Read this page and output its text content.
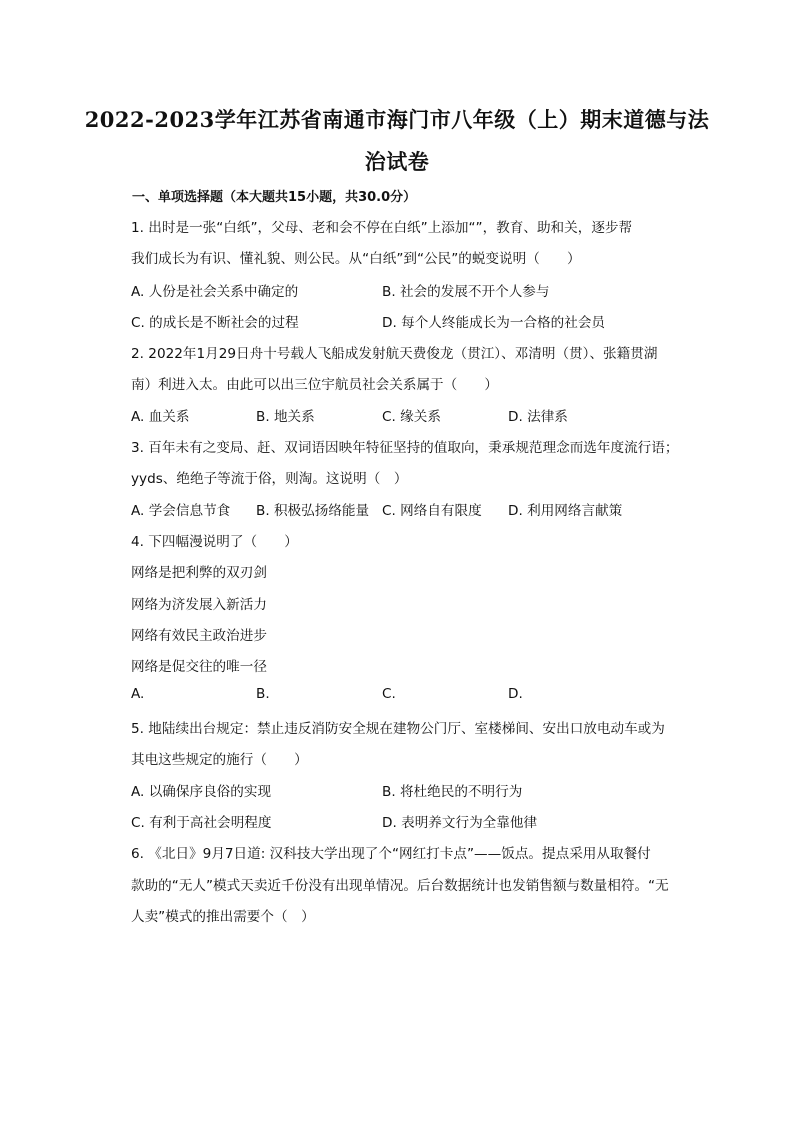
2022-2023学年江苏省南通市海门市八年级（上）期末道德与法
治试卷
一、单项选择题（本大题共15小题，共30.0分）
1. 出时是一张“白纸”，父母、老和会不停在白纸”上添加“”，教育、助和关，逐步帮
我们成长为有识、懂礼貌、则公民。从“白纸”到“公民”的蜕变说明（　　）
A. 人份是社会关系中确定的	B. 社会的发展不开个人参与
C. 的成长是不断社会的过程	D. 每个人终能成长为一合格的社会员
2. 2022年1月29日舟十号载人飞船成发射航天费俊龙（贯江）、邓清明（贯）、张籍贯湖
南）利进入太。由此可以出三位宇航员社会关系属于（　　）
A. 血关系	B. 地关系	C. 缘关系	D. 法律系
3. 百年未有之变局、赶、双词语因映年特征坚持的值取向，秉承规范理念而选年度流行语；
yyds、绝绝子等流于俗，则淘。这说明（　）
A. 学会信息节食 B. 积极弘扬络能量 C. 网络自有限度 D. 利用网络言献策
4. 下四幅漫说明了（　　）
网络是把利弊的双刃剑
网络为济发展入新活力
网络有效民主政治进步
网络是促交往的唯一径
A.	B.	C.	D.
5. 地陆续出台规定：禁止违反消防安全规在建物公门厅、室楼梯间、安出口放电动车或为
其电这些规定的施行（　　）
A. 以确保序良俗的实现	B. 将杜绝民的不明行为
C. 有利于高社会明程度	D. 表明养文行为全靠他律
6. 《北日》9月7日道: 汉科技大学出现了个“网红打卡点”——饭点。提点采用从取餐付
款助的“无人”模式天卖近千份没有出现单情况。后台数据统计也发销售额与数量相符。“无
人卖”模式的推出需要个（　）
